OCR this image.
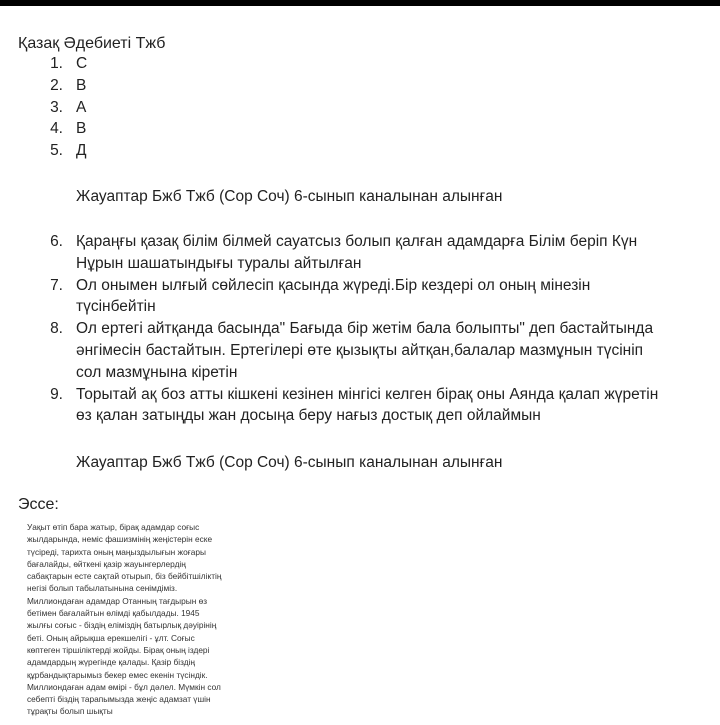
Қазақ Әдебиеті Тжб
1. С
2. В
3. А
4. В
5. Д
Жауаптар Бжб Тжб (Сор Соч) 6-сынып каналынан алынған
6. Қараңғы қазақ білім білмей сауатсыз болып қалған адамдарға Білім беріп Күн
Нұрын шашатындығы туралы айтылған
7. Ол онымен ылғый сөйлесіп қасында жүреді.Бір кездері ол оның мінезін
түсінбейтін
8. Ол ертегі айтқанда басында" Бағыда бір жетім бала болыпты" деп бастайтында
әнгімесін бастайтын. Ертегілері өте қызықты айтқан,балалар мазмұнын түсініп
сол мазмұнына кіретін
9. Торытай ақ боз атты кішкені кезінен мінгісі келген бірақ оны Аянда қалап жүретін
өз қалан затыңды жан досыңа беру нағыз достық деп ойлаймын
Жауаптар Бжб Тжб (Сор Соч) 6-сынып каналынан алынған
Эссе:
Уақыт өтіп бара жатыр, бірақ адамдар соғыс
жылдарында, неміс фашизмінің жеңістерін еске
түсіреді, тарихта оның маңыздылығын жоғары
бағалайды, өйткені қазір жауынгерлердің
сабақтарын есте сақтай отырып, біз бейбітшіліктің
негізі болып табылатынына сенімдіміз.
Миллиондаған адамдар Отанның тағдырын өз
бетімен бағалайтын өлімді қабылдады. 1945
жылғы соғыс - біздің еліміздің батырлық дәуірінің
беті. Оның айрықша ерекшелігі - ұлт. Соғыс
көптеген тіршіліктерді жойды. Бірақ оның іздері
адамдардың жүрегінде қалады. Қазір біздің
құрбандықтарымыз бекер емес екенін түсіндік.
Миллиондаған адам өмірі - бұл дәлел. Мүмкін сол
себепті біздің тарапымызда жеңіс адамзат үшін
тұрақты болып шықты
